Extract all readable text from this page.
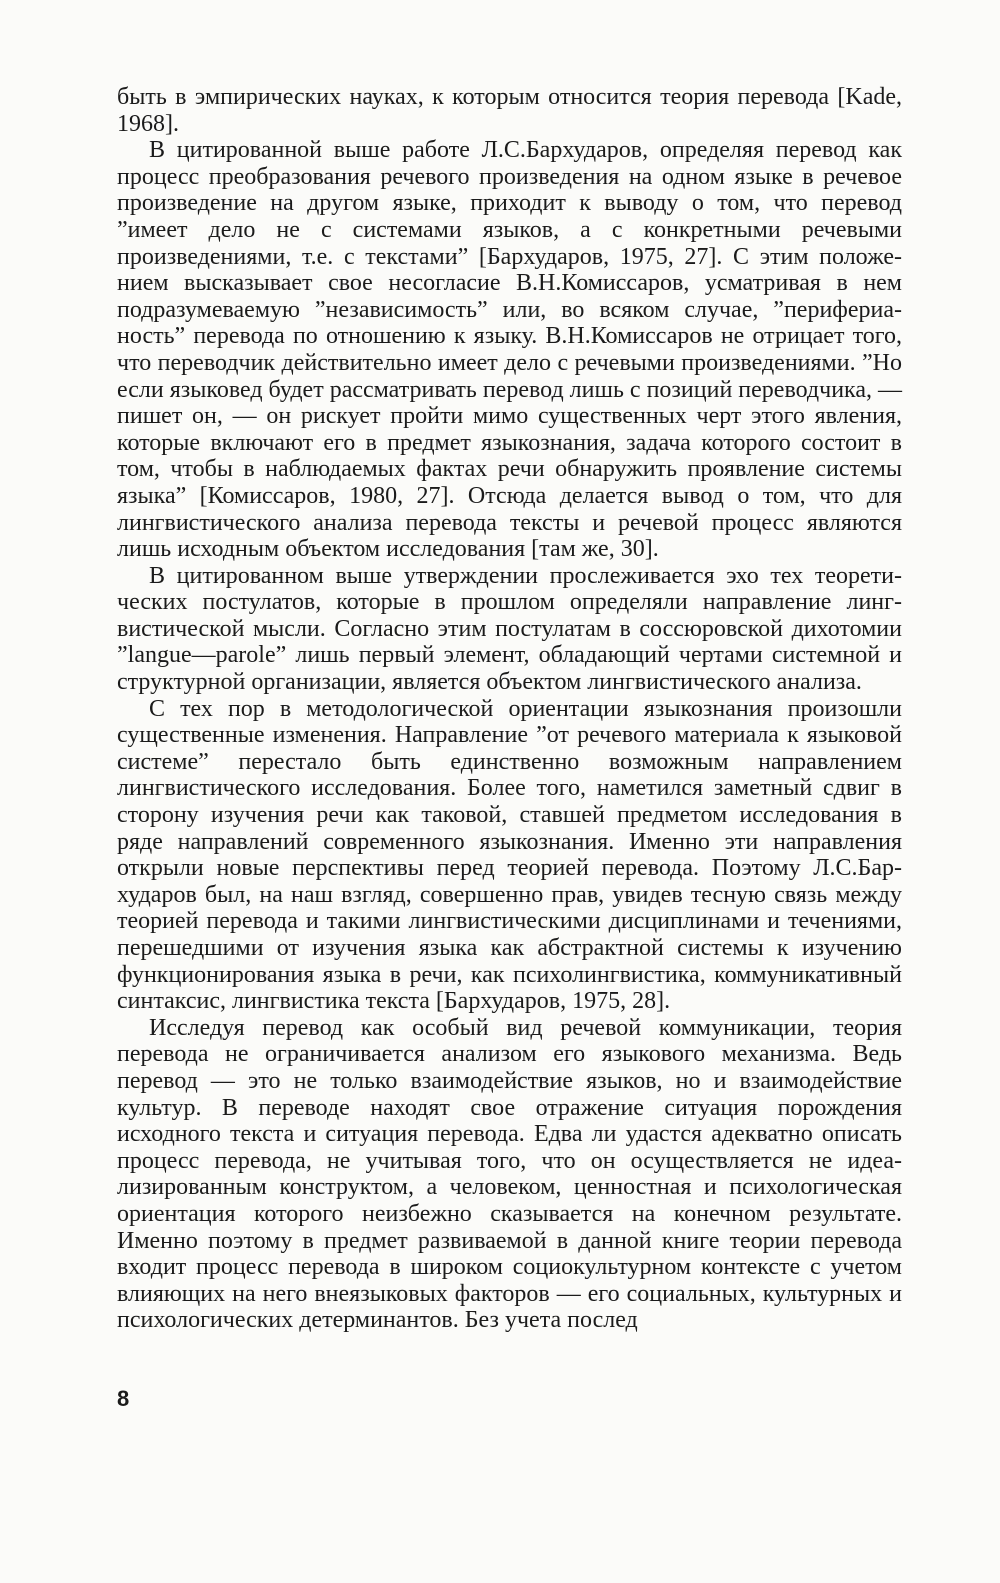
быть в эмпирических науках, к которым относится теория перевода [Kade, 1968].

В цитированной выше работе Л.С.Бархударов, определяя перевод как процесс преобразования речевого произведения на одном языке в речевое произведение на другом языке, приходит к выводу о том, что перевод ”имеет дело не с системами языков, а с конкретными речевыми произведениями, т.е. с текстами” [Бархударов, 1975, 27]. С этим положением высказывает свое несогласие В.Н.Комиссаров, усматривая в нем подразумеваемую ”независимость” или, во всяком случае, ”периферианость” перевода по отношению к языку. В.Н.Комиссаров не отрицает того, что переводчик действительно имеет дело с речевыми произведениями. ”Но если языковед будет рассматривать перевод лишь с позиций переводчика, — пишет он, — он рискует пройти мимо существенных черт этого явления, которые включают его в предмет языкознания, задача которого состоит в том, чтобы в наблюдаемых фактах речи обнаружить проявление системы языка” [Комиссаров, 1980, 27]. Отсюда делается вывод о том, что для лингвистического анализа перевода тексты и речевой процесс являются лишь исходным объектом исследования [там же, 30].

В цитированном выше утверждении прослеживается эхо тех теоретических постулатов, которые в прошлом определяли направление лингвистической мысли. Согласно этим постулатам в соссюровской дихотомии ”langue—parole” лишь первый элемент, обладающий чертами системной и структурной организации, является объектом лингвистического анализа.

С тех пор в методологической ориентации языкознания произошли существенные изменения. Направление ”от речевого материала к языковой системе” перестало быть единственно возможным направлением лингвистического исследования. Более того, наметился заметный сдвиг в сторону изучения речи как таковой, ставшей предметом исследования в ряде направлений современного языкознания. Именно эти направления открыли новые перспективы перед теорией перевода. Поэтому Л.С.Бархударов был, на наш взгляд, совершенно прав, увидев тесную связь между теорией перевода и такими лингвистическими дисциплинами и течениями, перешедшими от изучения языка как абстрактной системы к изучению функционирования языка в речи, как психолингвистика, коммуникативный синтаксис, лингвистика текста [Бархударов, 1975, 28].

Исследуя перевод как особый вид речевой коммуникации, теория перевода не ограничивается анализом его языкового механизма. Ведь перевод — это не только взаимодействие языков, но и взаимодействие культур. В переводе находят свое отражение ситуация порождения исходного текста и ситуация перевода. Едва ли удастся адекватно описать процесс перевода, не учитывая того, что он осуществляется не идеализированным конструктом, а человеком, ценностная и психологическая ориентация которого неизбежно сказывается на конечном результате. Именно поэтому в предмет развиваемой в данной книге теории перевода входит процесс перевода в широком социокультурном контексте с учетом влияющих на него внеязыковых факторов — его социальных, культурных и психологических детерминантов. Без учета послед

8
